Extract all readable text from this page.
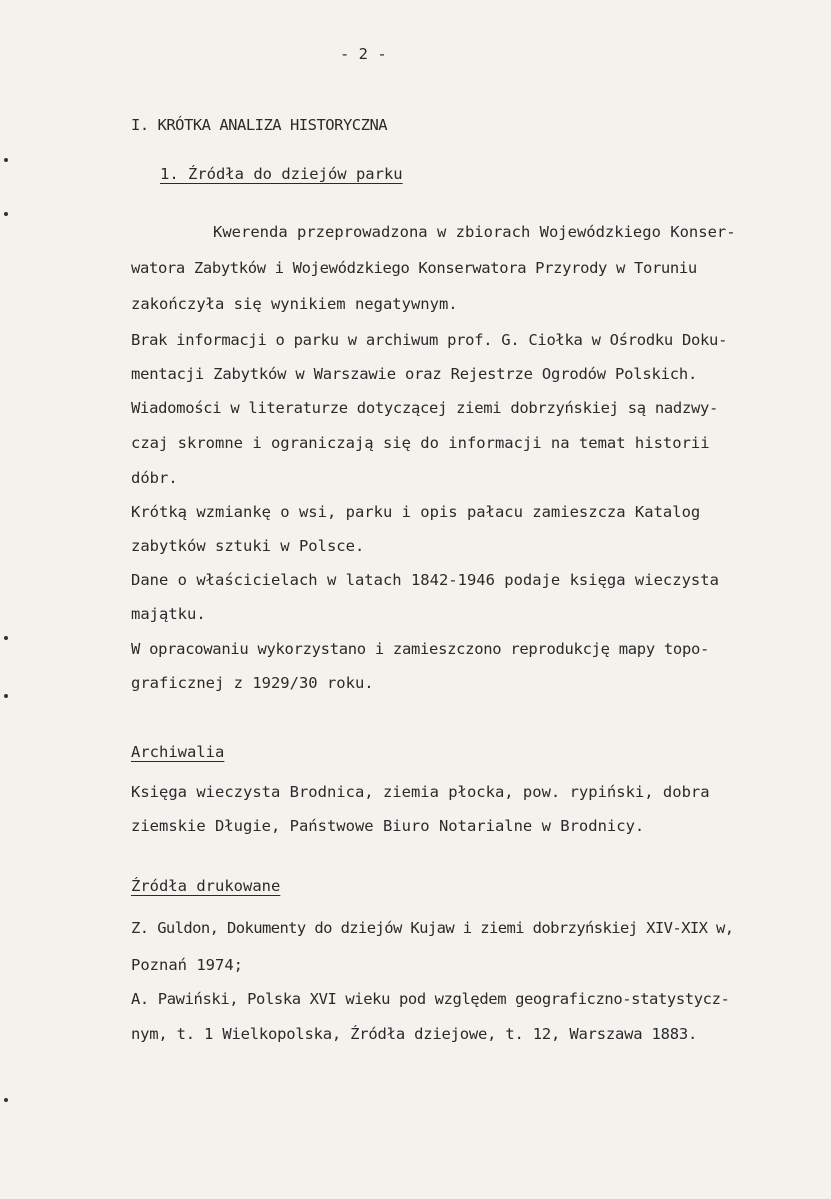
- 2 -
I. KRÓTKA ANALIZA HISTORYCZNA
1. Źródła do dziejów parku
Kwerenda przeprowadzona w zbiorach Wojewódzkiego Konser-
watora Zabytków i Wojewódzkiego Konserwatora Przyrody w Toruniu
zakończyła się wynikiem negatywnym.
Brak informacji o parku w archiwum prof. G. Ciołka w Ośrodku Doku-
mentacji Zabytków w Warszawie oraz Rejestrze Ogrodów Polskich.
Wiadomości w literaturze dotyczącej ziemi dobrzyńskiej są nadzwy-
czaj skromne i ograniczają się do informacji na temat historii
dóbr.
Krótką wzmiankę o wsi, parku i opis pałacu zamieszcza Katalog
zabytków sztuki w Polsce.
Dane o właścicielach w latach 1842-1946 podaje księga wieczysta
majątku.
W opracowaniu wykorzystano i zamieszczono reprodukcję mapy topo-
graficznej z 1929/30 roku.
Archiwalia
Księga wieczysta Brodnica, ziemia płocka, pow. rypiński, dobra
ziemskie Długie, Państwowe Biuro Notarialne w Brodnicy.
Źródła drukowane
Z. Guldon, Dokumenty do dziejów Kujaw i ziemi dobrzyńskiej XIV-XIX w,
Poznań 1974;
A. Pawiński, Polska XVI wieku pod względem geograficzno-statystycz-
nym, t. 1 Wielkopolska, Źródła dziejowe, t. 12, Warszawa 1883.
